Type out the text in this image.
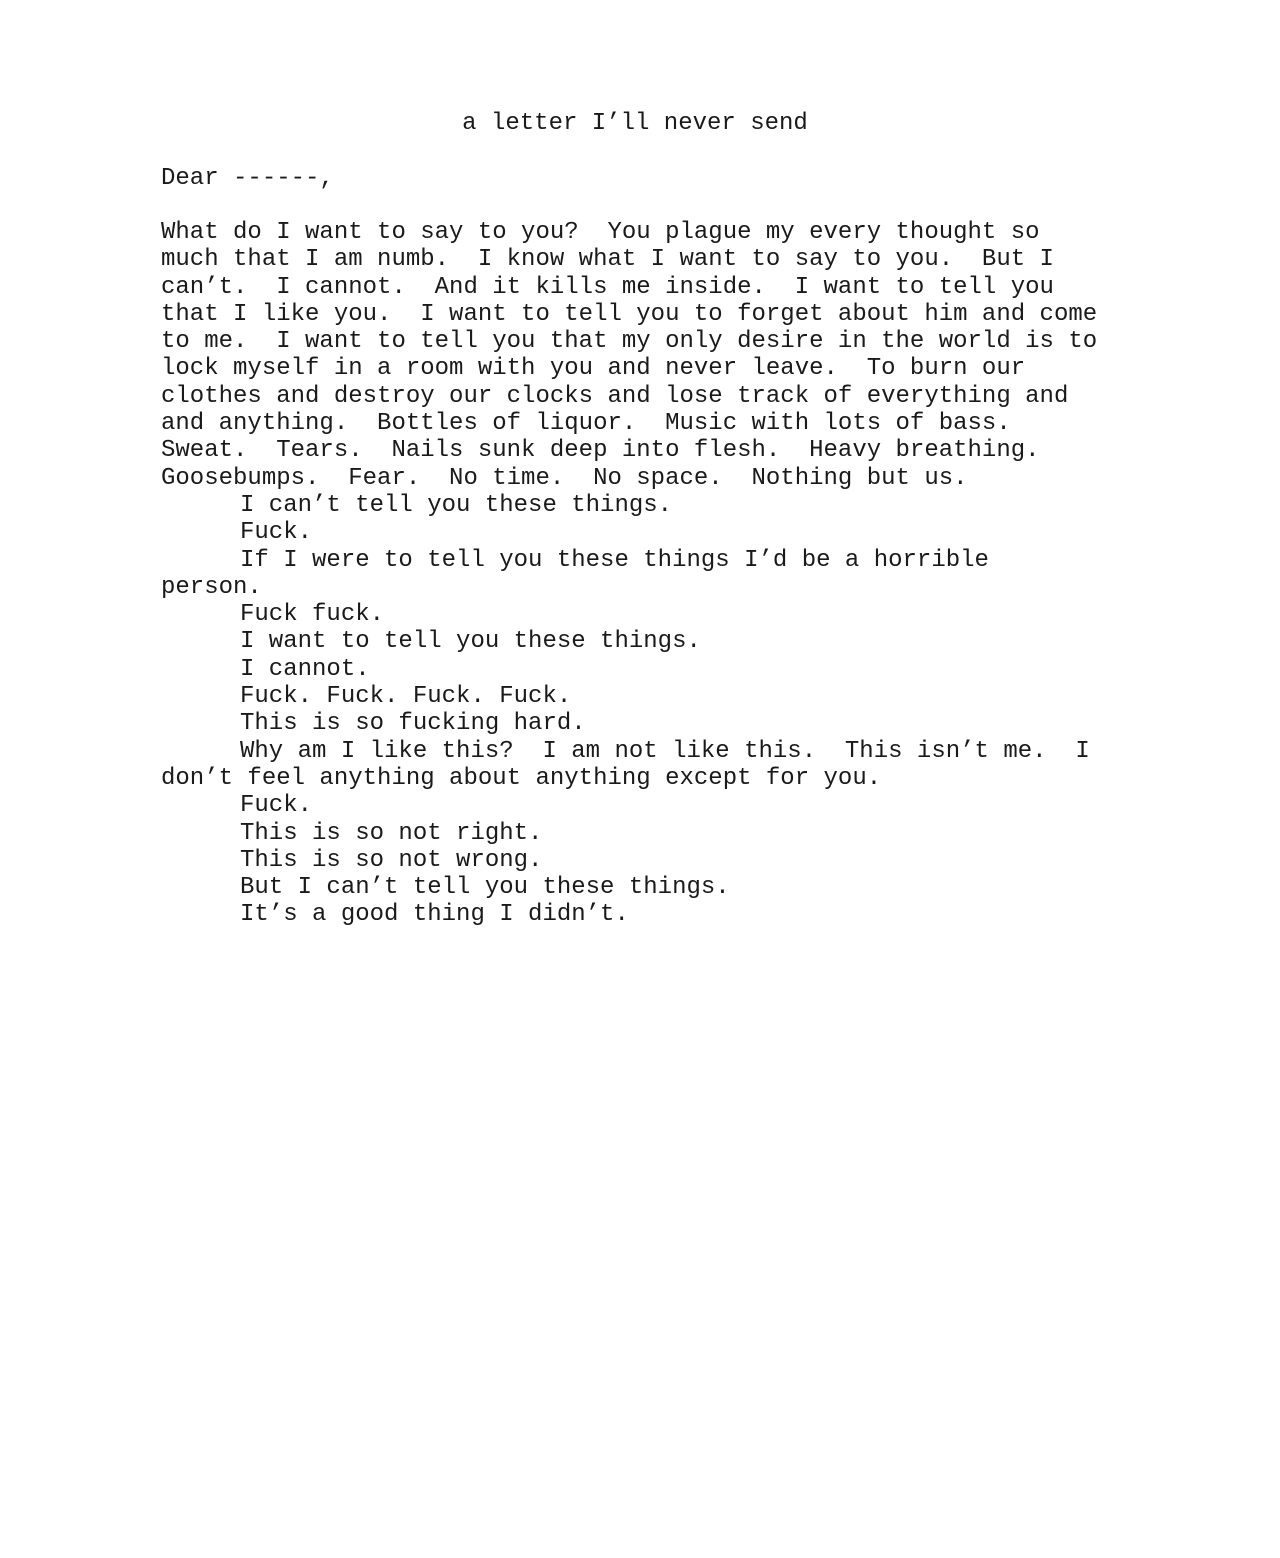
a letter I’ll never send
Dear ------,
What do I want to say to you?  You plague my every thought so
much that I am numb.  I know what I want to say to you.  But I
can’t.  I cannot.  And it kills me inside.  I want to tell you
that I like you.  I want to tell you to forget about him and come
to me.  I want to tell you that my only desire in the world is to
lock myself in a room with you and never leave.  To burn our
clothes and destroy our clocks and lose track of everything and
and anything.  Bottles of liquor.  Music with lots of bass.
Sweat.  Tears.  Nails sunk deep into flesh.  Heavy breathing.
Goosebumps.  Fear.  No time.  No space.  Nothing but us.
I can’t tell you these things.
Fuck.
If I were to tell you these things I’d be a horrible
person.
Fuck fuck.
I want to tell you these things.
I cannot.
Fuck. Fuck. Fuck. Fuck.
This is so fucking hard.
Why am I like this?  I am not like this.  This isn’t me.  I
don’t feel anything about anything except for you.
Fuck.
This is so not right.
This is so not wrong.
But I can’t tell you these things.
It’s a good thing I didn’t.
